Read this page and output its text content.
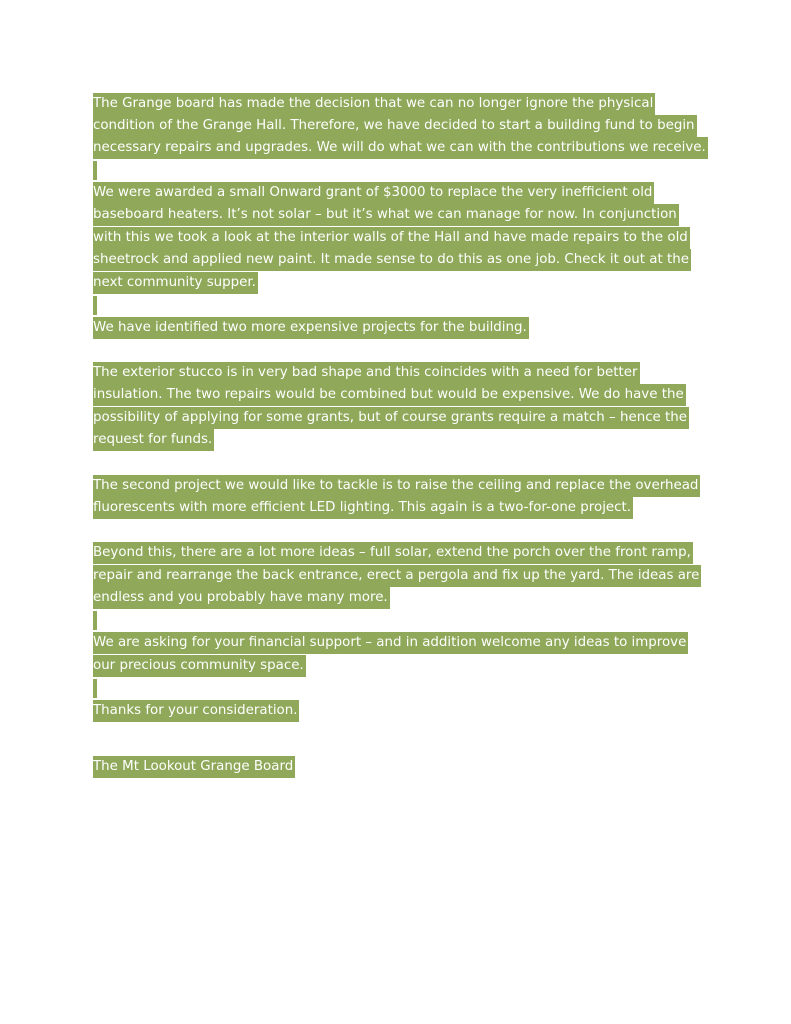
The Grange board has made the decision that we can no longer ignore the physical
condition of the Grange Hall. Therefore, we have decided to start a building fund to begin
necessary repairs and upgrades. We will do what we can with the contributions we receive.
We were awarded a small Onward grant of $3000 to replace the very inefficient old
baseboard heaters. It’s not solar – but it’s what we can manage for now. In conjunction
with this we took a look at the interior walls of the Hall and have made repairs to the old
sheetrock and applied new paint. It made sense to do this as one job. Check it out at the
next community supper.
We have identified two more expensive projects for the building.
The exterior stucco is in very bad shape and this coincides with a need for better
insulation. The two repairs would be combined but would be expensive. We do have the
possibility of applying for some grants, but of course grants require a match – hence the
request for funds.
The second project we would like to tackle is to raise the ceiling and replace the overhead
fluorescents with more efficient LED lighting. This again is a two-for-one project.
Beyond this, there are a lot more ideas – full solar, extend the porch over the front ramp,
repair and rearrange the back entrance, erect a pergola and fix up the yard. The ideas are
endless and you probably have many more.
We are asking for your financial support – and in addition welcome any ideas to improve
our precious community space.
Thanks for your consideration.
The Mt Lookout Grange Board
